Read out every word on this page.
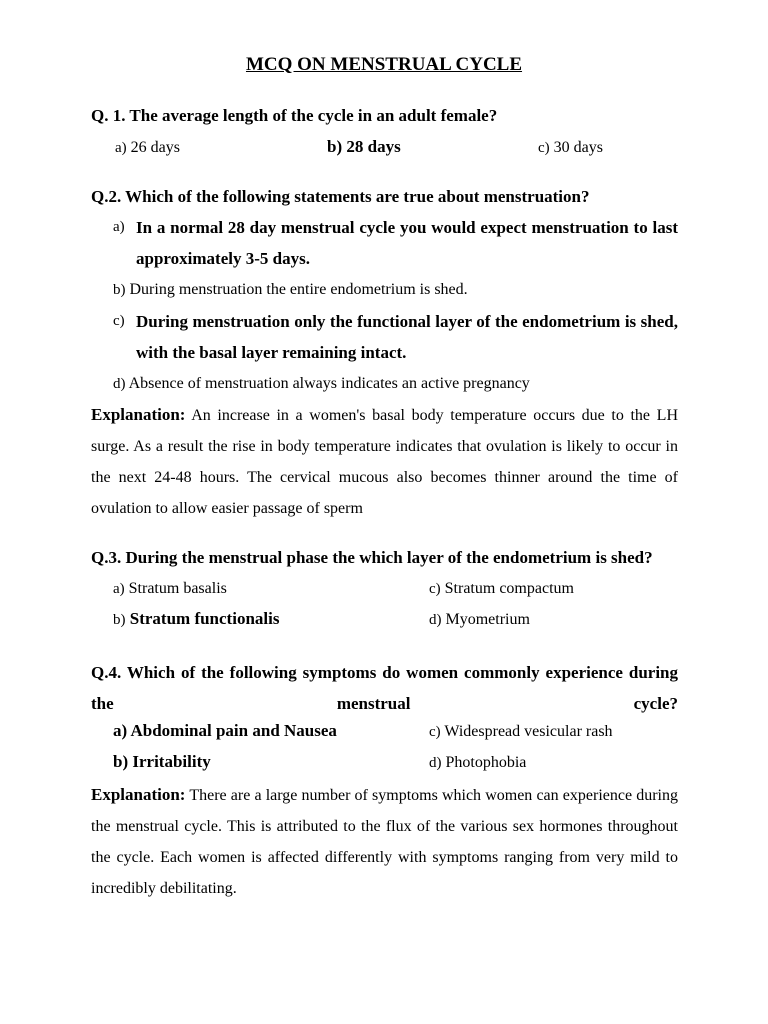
MCQ ON MENSTRUAL CYCLE
Q. 1. The average length of the cycle in an adult female?
a) 26 days	b) 28 days	c) 30 days
Q.2. Which of the following statements are true about menstruation?
a) In a normal 28 day menstrual cycle you would expect menstruation to last approximately 3-5 days.
b) During menstruation the entire endometrium is shed.
c) During menstruation only the functional layer of the endometrium is shed, with the basal layer remaining intact.
d) Absence of menstruation always indicates an active pregnancy
Explanation: An increase in a women's basal body temperature occurs due to the LH surge. As a result the rise in body temperature indicates that ovulation is likely to occur in the next 24-48 hours. The cervical mucous also becomes thinner around the time of ovulation to allow easier passage of sperm
Q.3. During the menstrual phase the which layer of the endometrium is shed?
a) Stratum basalis
b) Stratum functionalis
c) Stratum compactum
d) Myometrium
Q.4. Which of the following symptoms do women commonly experience during the menstrual cycle?
a) Abdominal pain and Nausea
b) Irritability
c) Widespread vesicular rash
d) Photophobia
Explanation: There are a large number of symptoms which women can experience during the menstrual cycle. This is attributed to the flux of the various sex hormones throughout the cycle. Each women is affected differently with symptoms ranging from very mild to incredibly debilitating.
